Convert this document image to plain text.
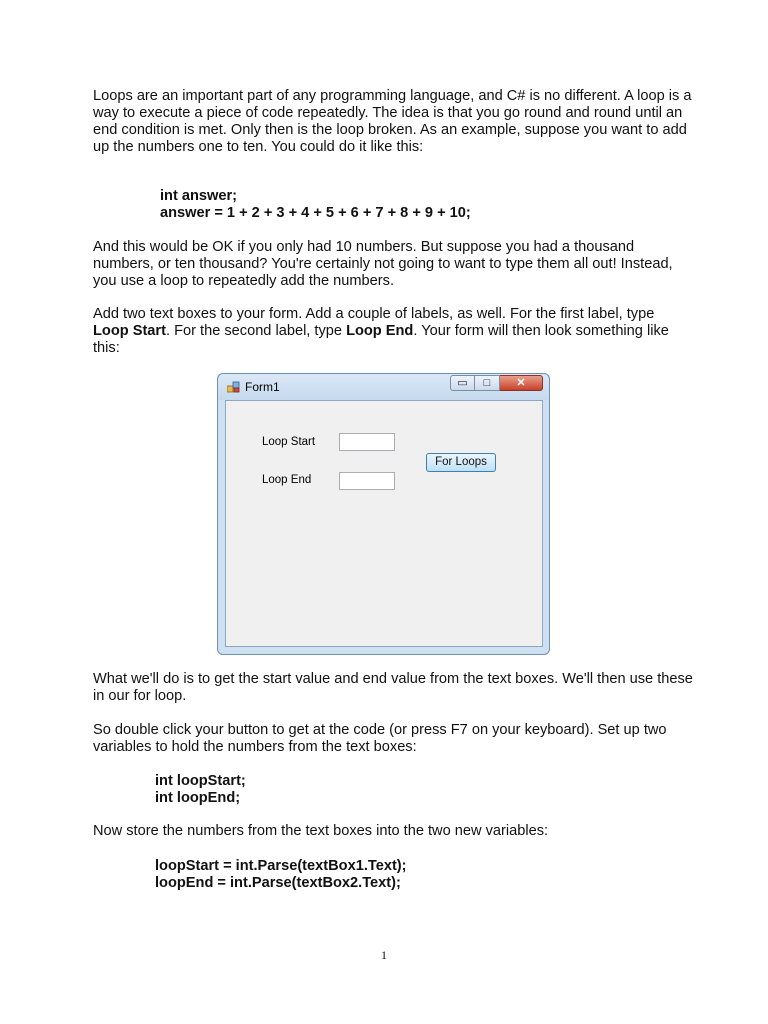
Loops are an important part of any programming language, and C# is no different. A loop is a way to execute a piece of code repeatedly. The idea is that you go round and round until an end condition is met. Only then is the loop broken. As an example, suppose you want to add up the numbers one to ten. You could do it like this:

int answer;
answer = 1 + 2 + 3 + 4 + 5 + 6 + 7 + 8 + 9 + 10;

And this would be OK if you only had 10 numbers. But suppose you had a thousand numbers, or ten thousand? You're certainly not going to want to type them all out! Instead, you use a loop to repeatedly add the numbers.

Add two text boxes to your form. Add a couple of labels, as well. For the first label, type Loop Start. For the second label, type Loop End. Your form will then look something like this:

Form1	▭	□	✕
Loop Start
Loop End
For Loops

What we'll do is to get the start value and end value from the text boxes. We'll then use these in our for loop.

So double click your button to get at the code (or press F7 on your keyboard). Set up two variables to hold the numbers from the text boxes:

int loopStart;
int loopEnd;

Now store the numbers from the text boxes into the two new variables:

loopStart = int.Parse(textBox1.Text);
loopEnd = int.Parse(textBox2.Text);
1
